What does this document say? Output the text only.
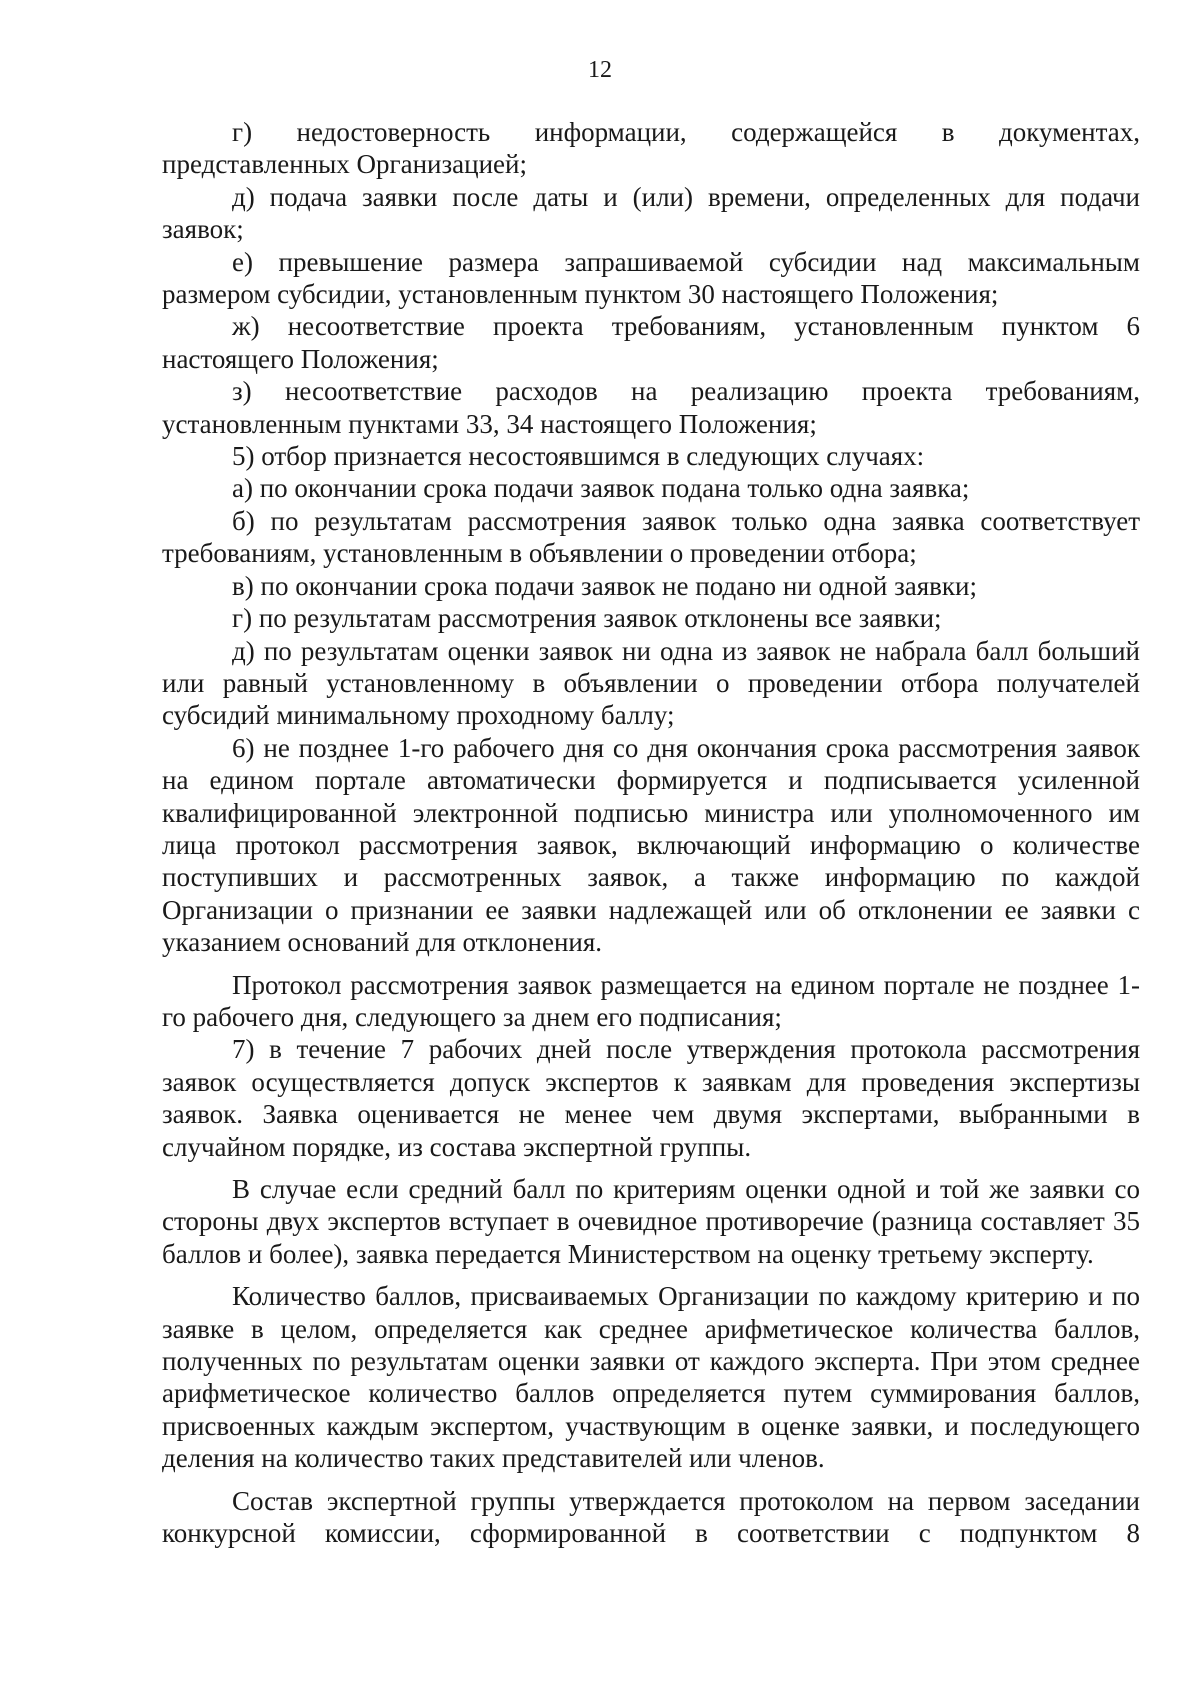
12

г) недостоверность информации, содержащейся в документах, представленных Организацией;

д) подача заявки после даты и (или) времени, определенных для подачи заявок;

е) превышение размера запрашиваемой субсидии над максимальным размером субсидии, установленным пунктом 30 настоящего Положения;

ж) несоответствие проекта требованиям, установленным пунктом 6 настоящего Положения;

з) несоответствие расходов на реализацию проекта требованиям, установленным пунктами 33, 34 настоящего Положения;

5) отбор признается несостоявшимся в следующих случаях:

а) по окончании срока подачи заявок подана только одна заявка;

б) по результатам рассмотрения заявок только одна заявка соответствует требованиям, установленным в объявлении о проведении отбора;

в) по окончании срока подачи заявок не подано ни одной заявки;

г) по результатам рассмотрения заявок отклонены все заявки;

д) по результатам оценки заявок ни одна из заявок не набрала балл больший или равный установленному в объявлении о проведении отбора получателей субсидий минимальному проходному баллу;

6) не позднее 1-го рабочего дня со дня окончания срока рассмотрения заявок на едином портале автоматически формируется и подписывается усиленной квалифицированной электронной подписью министра или уполномоченного им лица протокол рассмотрения заявок, включающий информацию о количестве поступивших и рассмотренных заявок, а также информацию по каждой Организации о признании ее заявки надлежащей или об отклонении ее заявки с указанием оснований для отклонения.

Протокол рассмотрения заявок размещается на едином портале не позднее 1-го рабочего дня, следующего за днем его подписания;

7) в течение 7 рабочих дней после утверждения протокола рассмотрения заявок осуществляется допуск экспертов к заявкам для проведения экспертизы заявок. Заявка оценивается не менее чем двумя экспертами, выбранными в случайном порядке, из состава экспертной группы.

В случае если средний балл по критериям оценки одной и той же заявки со стороны двух экспертов вступает в очевидное противоречие (разница составляет 35 баллов и более), заявка передается Министерством на оценку третьему эксперту.

Количество баллов, присваиваемых Организации по каждому критерию и по заявке в целом, определяется как среднее арифметическое количества баллов, полученных по результатам оценки заявки от каждого эксперта. При этом среднее арифметическое количество баллов определяется путем суммирования баллов, присвоенных каждым экспертом, участвующим в оценке заявки, и последующего деления на количество таких представителей или членов.

Состав экспертной группы утверждается протоколом на первом заседании конкурсной комиссии, сформированной в соответствии с подпунктом 8
